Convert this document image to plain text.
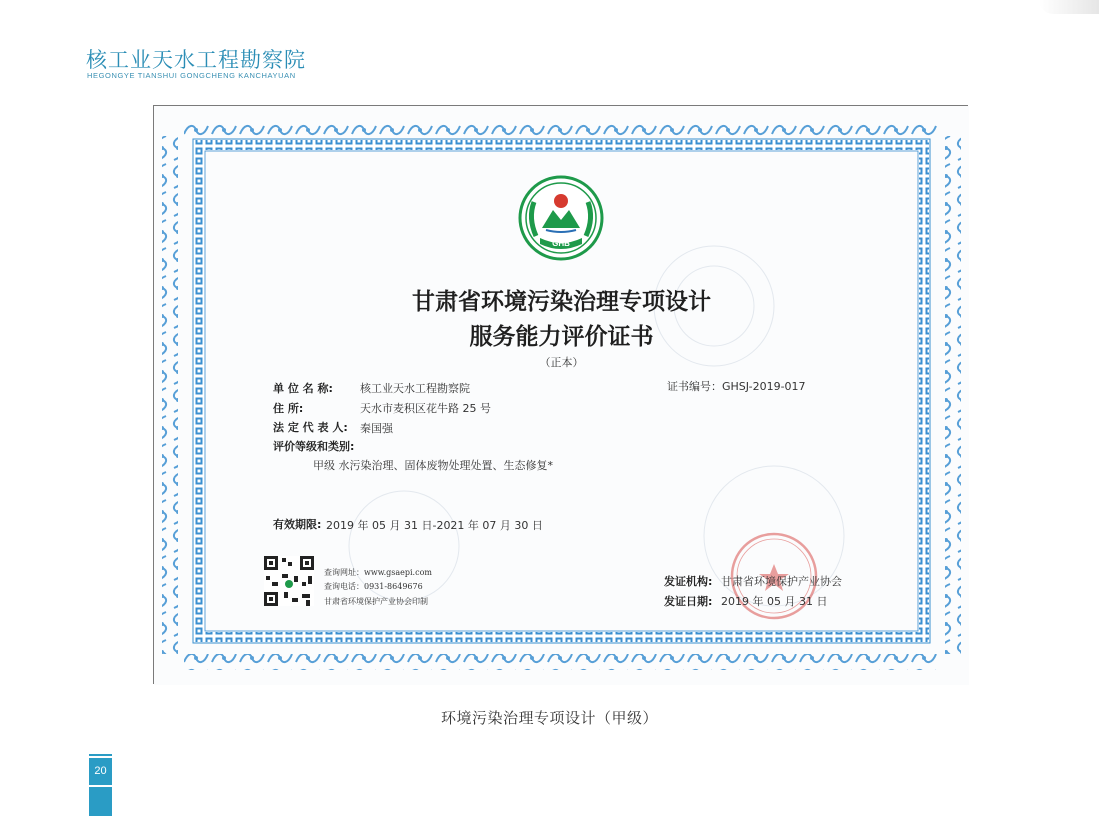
核工业天水工程勘察院
HEGONGYE TIANSHUI GONGCHENG KANCHAYUAN
GHB
甘肃省环境污染治理专项设计
服务能力评价证书
（正本）
单 位 名 称: 核工业天水工程勘察院
住 所:	天水市麦积区花牛路 25 号
法 定 代 表 人: 秦国强
评价等级和类别:
甲级 水污染治理、固体废物处理处置、生态修复*
证书编号：GHSJ-2019-017
有效期限: 2019 年 05 月 31 日-2021 年 07 月 30 日
查询网址：www.gsaepi.com
查询电话：0931-8649676
甘肃省环境保护产业协会印制
发证机构: 甘肃省环境保护产业协会
发证日期: 2019 年 05 月 31 日
环境污染治理专项设计（甲级）
20
